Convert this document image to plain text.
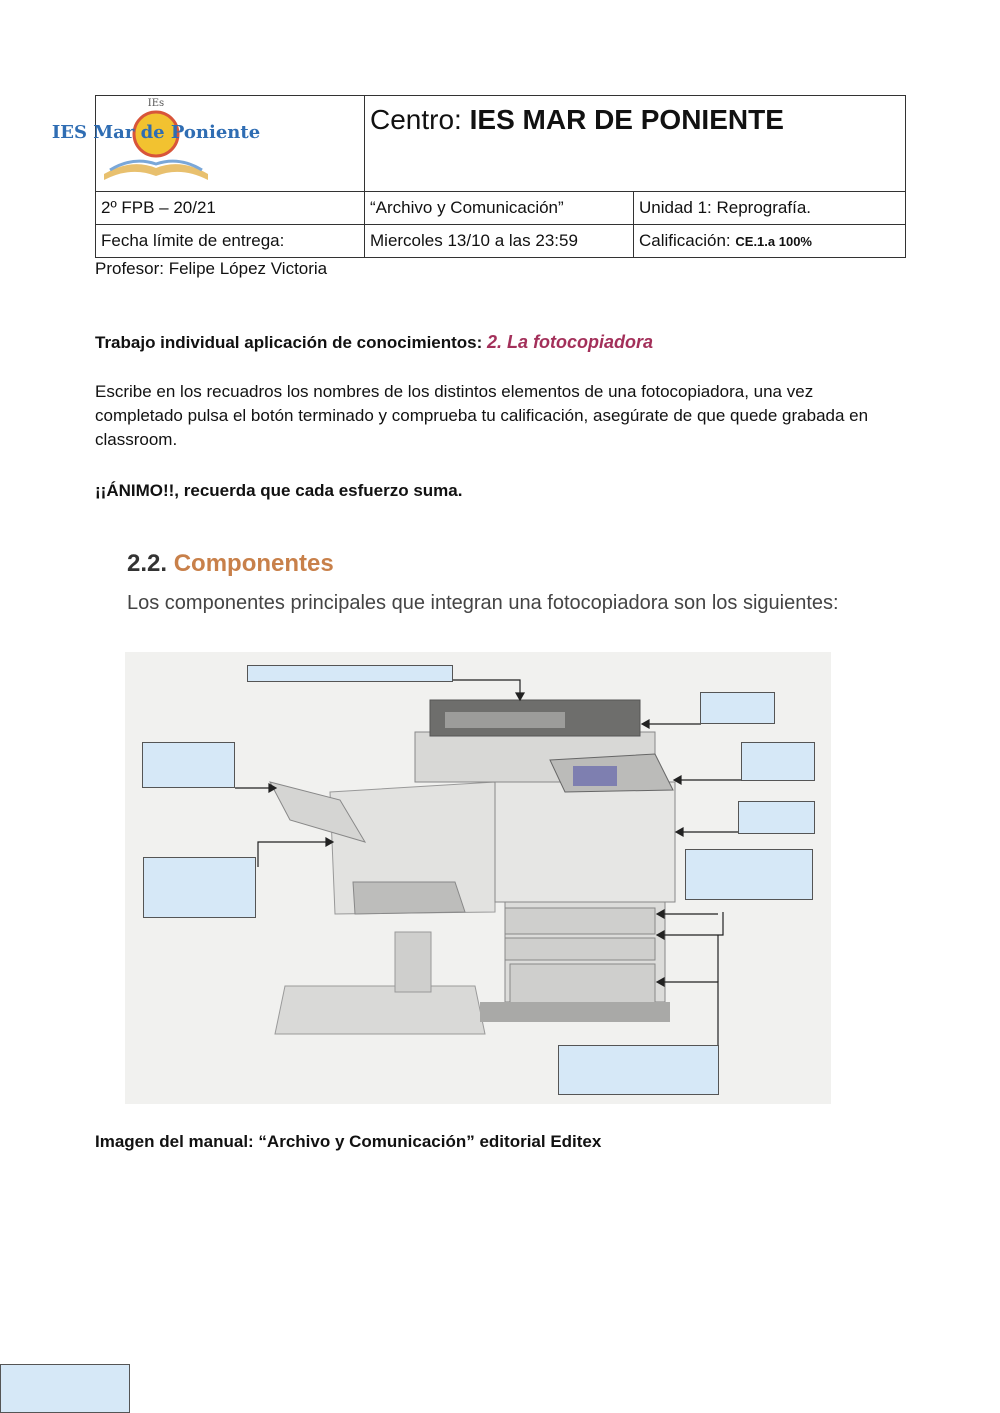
IEs
IES Mar de Poniente	Centro: IES MAR DE PONIENTE	
2º FPB – 20/21	“Archivo y Comunicación”	Unidad 1: Reprografía.
Fecha límite de entrega:	Miercoles 13/10 a las 23:59	Calificación: CE.1.a 100%
Profesor: Felipe López Victoria
Trabajo individual aplicación de conocimientos: 2. La fotocopiadora
Escribe en los recuadros los nombres de los distintos elementos de una fotocopiadora, una vez completado pulsa el botón terminado y comprueba tu calificación, asegúrate de que quede grabada en classroom.
¡¡ÁNIMO!!, recuerda que cada esfuerzo suma.
2.2. Componentes
Los componentes principales que integran una fotocopiadora son los siguientes:
Imagen del manual: “Archivo y Comunicación” editorial Editex
